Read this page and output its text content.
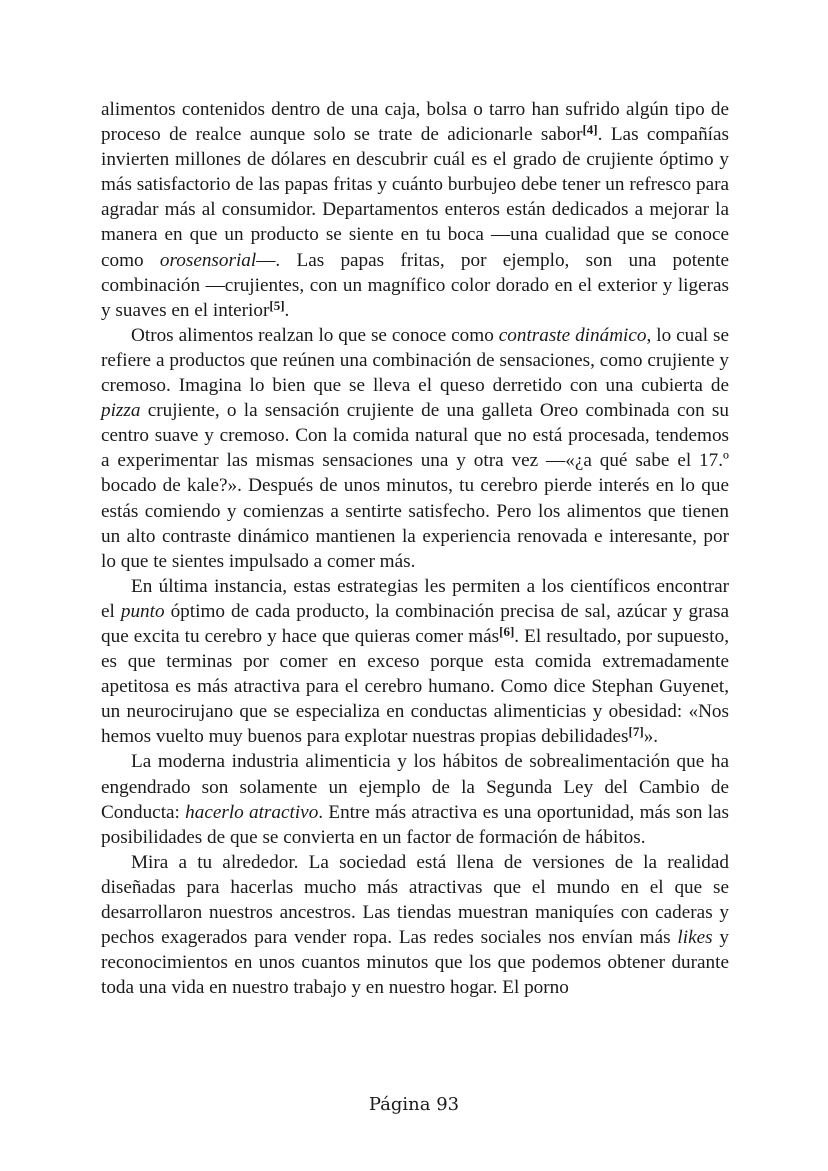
alimentos contenidos dentro de una caja, bolsa o tarro han sufrido algún tipo de proceso de realce aunque solo se trate de adicionarle sabor[4]. Las compañías invierten millones de dólares en descubrir cuál es el grado de crujiente óptimo y más satisfactorio de las papas fritas y cuánto burbujeo debe tener un refresco para agradar más al consumidor. Departamentos enteros están dedicados a mejorar la manera en que un producto se siente en tu boca —una cualidad que se conoce como orosensorial—. Las papas fritas, por ejemplo, son una potente combinación —crujientes, con un magnífico color dorado en el exterior y ligeras y suaves en el interior[5].

Otros alimentos realzan lo que se conoce como contraste dinámico, lo cual se refiere a productos que reúnen una combinación de sensaciones, como crujiente y cremoso. Imagina lo bien que se lleva el queso derretido con una cubierta de pizza crujiente, o la sensación crujiente de una galleta Oreo combinada con su centro suave y cremoso. Con la comida natural que no está procesada, tendemos a experimentar las mismas sensaciones una y otra vez —«¿a qué sabe el 17.º bocado de kale?». Después de unos minutos, tu cerebro pierde interés en lo que estás comiendo y comienzas a sentirte satisfecho. Pero los alimentos que tienen un alto contraste dinámico mantienen la experiencia renovada e interesante, por lo que te sientes impulsado a comer más.

En última instancia, estas estrategias les permiten a los científicos encontrar el punto óptimo de cada producto, la combinación precisa de sal, azúcar y grasa que excita tu cerebro y hace que quieras comer más[6]. El resultado, por supuesto, es que terminas por comer en exceso porque esta comida extremadamente apetitosa es más atractiva para el cerebro humano. Como dice Stephan Guyenet, un neurocirujano que se especializa en conductas alimenticias y obesidad: «Nos hemos vuelto muy buenos para explotar nuestras propias debilidades[7]».

La moderna industria alimenticia y los hábitos de sobrealimentación que ha engendrado son solamente un ejemplo de la Segunda Ley del Cambio de Conducta: hacerlo atractivo. Entre más atractiva es una oportunidad, más son las posibilidades de que se convierta en un factor de formación de hábitos.

Mira a tu alrededor. La sociedad está llena de versiones de la realidad diseñadas para hacerlas mucho más atractivas que el mundo en el que se desarrollaron nuestros ancestros. Las tiendas muestran maniquíes con caderas y pechos exagerados para vender ropa. Las redes sociales nos envían más likes y reconocimientos en unos cuantos minutos que los que podemos obtener durante toda una vida en nuestro trabajo y en nuestro hogar. El porno

Página 93
